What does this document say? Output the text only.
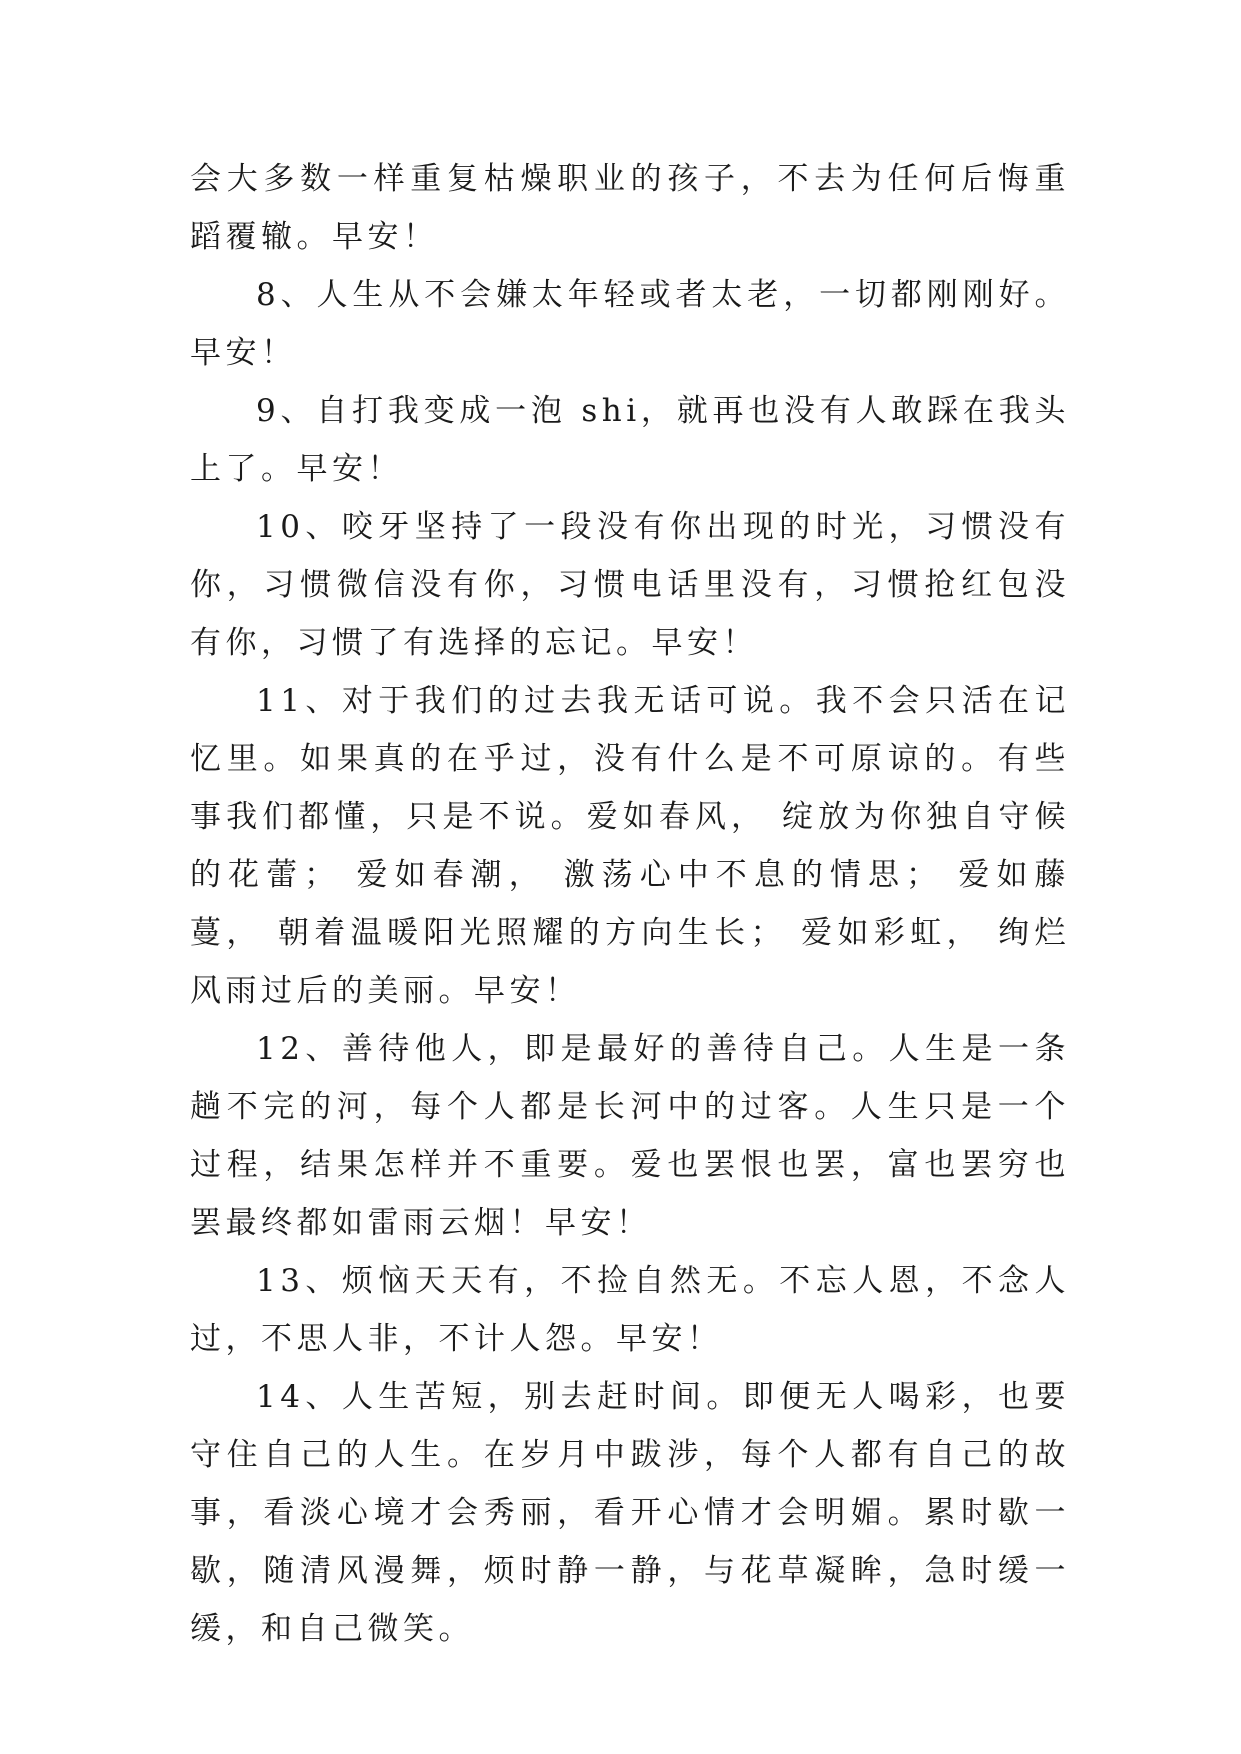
会大多数一样重复枯燥职业的孩子，不去为任何后悔重蹈覆辙。早安！

8、人生从不会嫌太年轻或者太老，一切都刚刚好。早安！

9、自打我变成一泡 shi，就再也没有人敢踩在我头上了。早安！

10、咬牙坚持了一段没有你出现的时光，习惯没有你，习惯微信没有你，习惯电话里没有，习惯抢红包没有你，习惯了有选择的忘记。早安！

11、对于我们的过去我无话可说。我不会只活在记忆里。如果真的在乎过，没有什么是不可原谅的。有些事我们都懂，只是不说。爱如春风， 绽放为你独自守候的花蕾； 爱如春潮， 激荡心中不息的情思； 爱如藤蔓， 朝着温暖阳光照耀的方向生长； 爱如彩虹， 绚烂风雨过后的美丽。早安！

12、善待他人，即是最好的善待自己。人生是一条趟不完的河，每个人都是长河中的过客。人生只是一个过程，结果怎样并不重要。爱也罢恨也罢，富也罢穷也罢最终都如雷雨云烟！早安！

13、烦恼天天有，不捡自然无。不忘人恩，不念人过，不思人非，不计人怨。早安！

14、人生苦短，别去赶时间。即便无人喝彩，也要守住自己的人生。在岁月中跋涉，每个人都有自己的故事，看淡心境才会秀丽，看开心情才会明媚。累时歇一歇，随清风漫舞，烦时静一静，与花草凝眸，急时缓一缓，和自己微笑。
